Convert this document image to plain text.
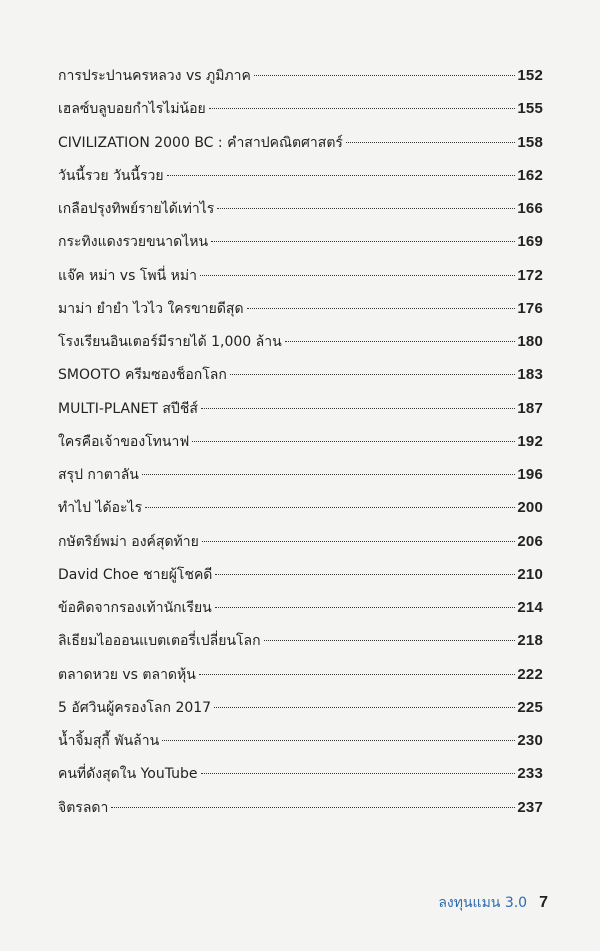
การประปานครหลวง vs ภูมิภาค	152
เฮลซ์บลูบอยกำไรไม่น้อย	155
CIVILIZATION 2000 BC : คำสาปคณิตศาสตร์	158
วันนี้รวย วันนี้รวย	162
เกลือปรุงทิพย์รายได้เท่าไร	166
กระทิงแดงรวยขนาดไหน	169
แจ๊ค หม่า vs โพนี่ หม่า	172
มาม่า ยำยำ ไวไว ใครขายดีสุด	176
โรงเรียนอินเตอร์มีรายได้ 1,000 ล้าน	180
SMOOTO ครีมซองช็อกโลก	183
MULTI-PLANET สปีชีส์	187
ใครคือเจ้าของโทนาฟ	192
สรุป กาตาลัน	196
ทำไป ได้อะไร	200
กษัตริย์พม่า องค์สุดท้าย	206
David Choe ชายผู้โชคดี	210
ข้อคิดจากรองเท้านักเรียน	214
ลิเธียมไอออนแบตเตอรี่เปลี่ยนโลก	218
ตลาดหวย vs ตลาดหุ้น	222
5 อัศวินผู้ครองโลก 2017	225
น้ำจิ้มสุกี้ พันล้าน	230
คนที่ดังสุดใน YouTube	233
จิตรลดา	237
ลงทุนแมน 3.0 7
